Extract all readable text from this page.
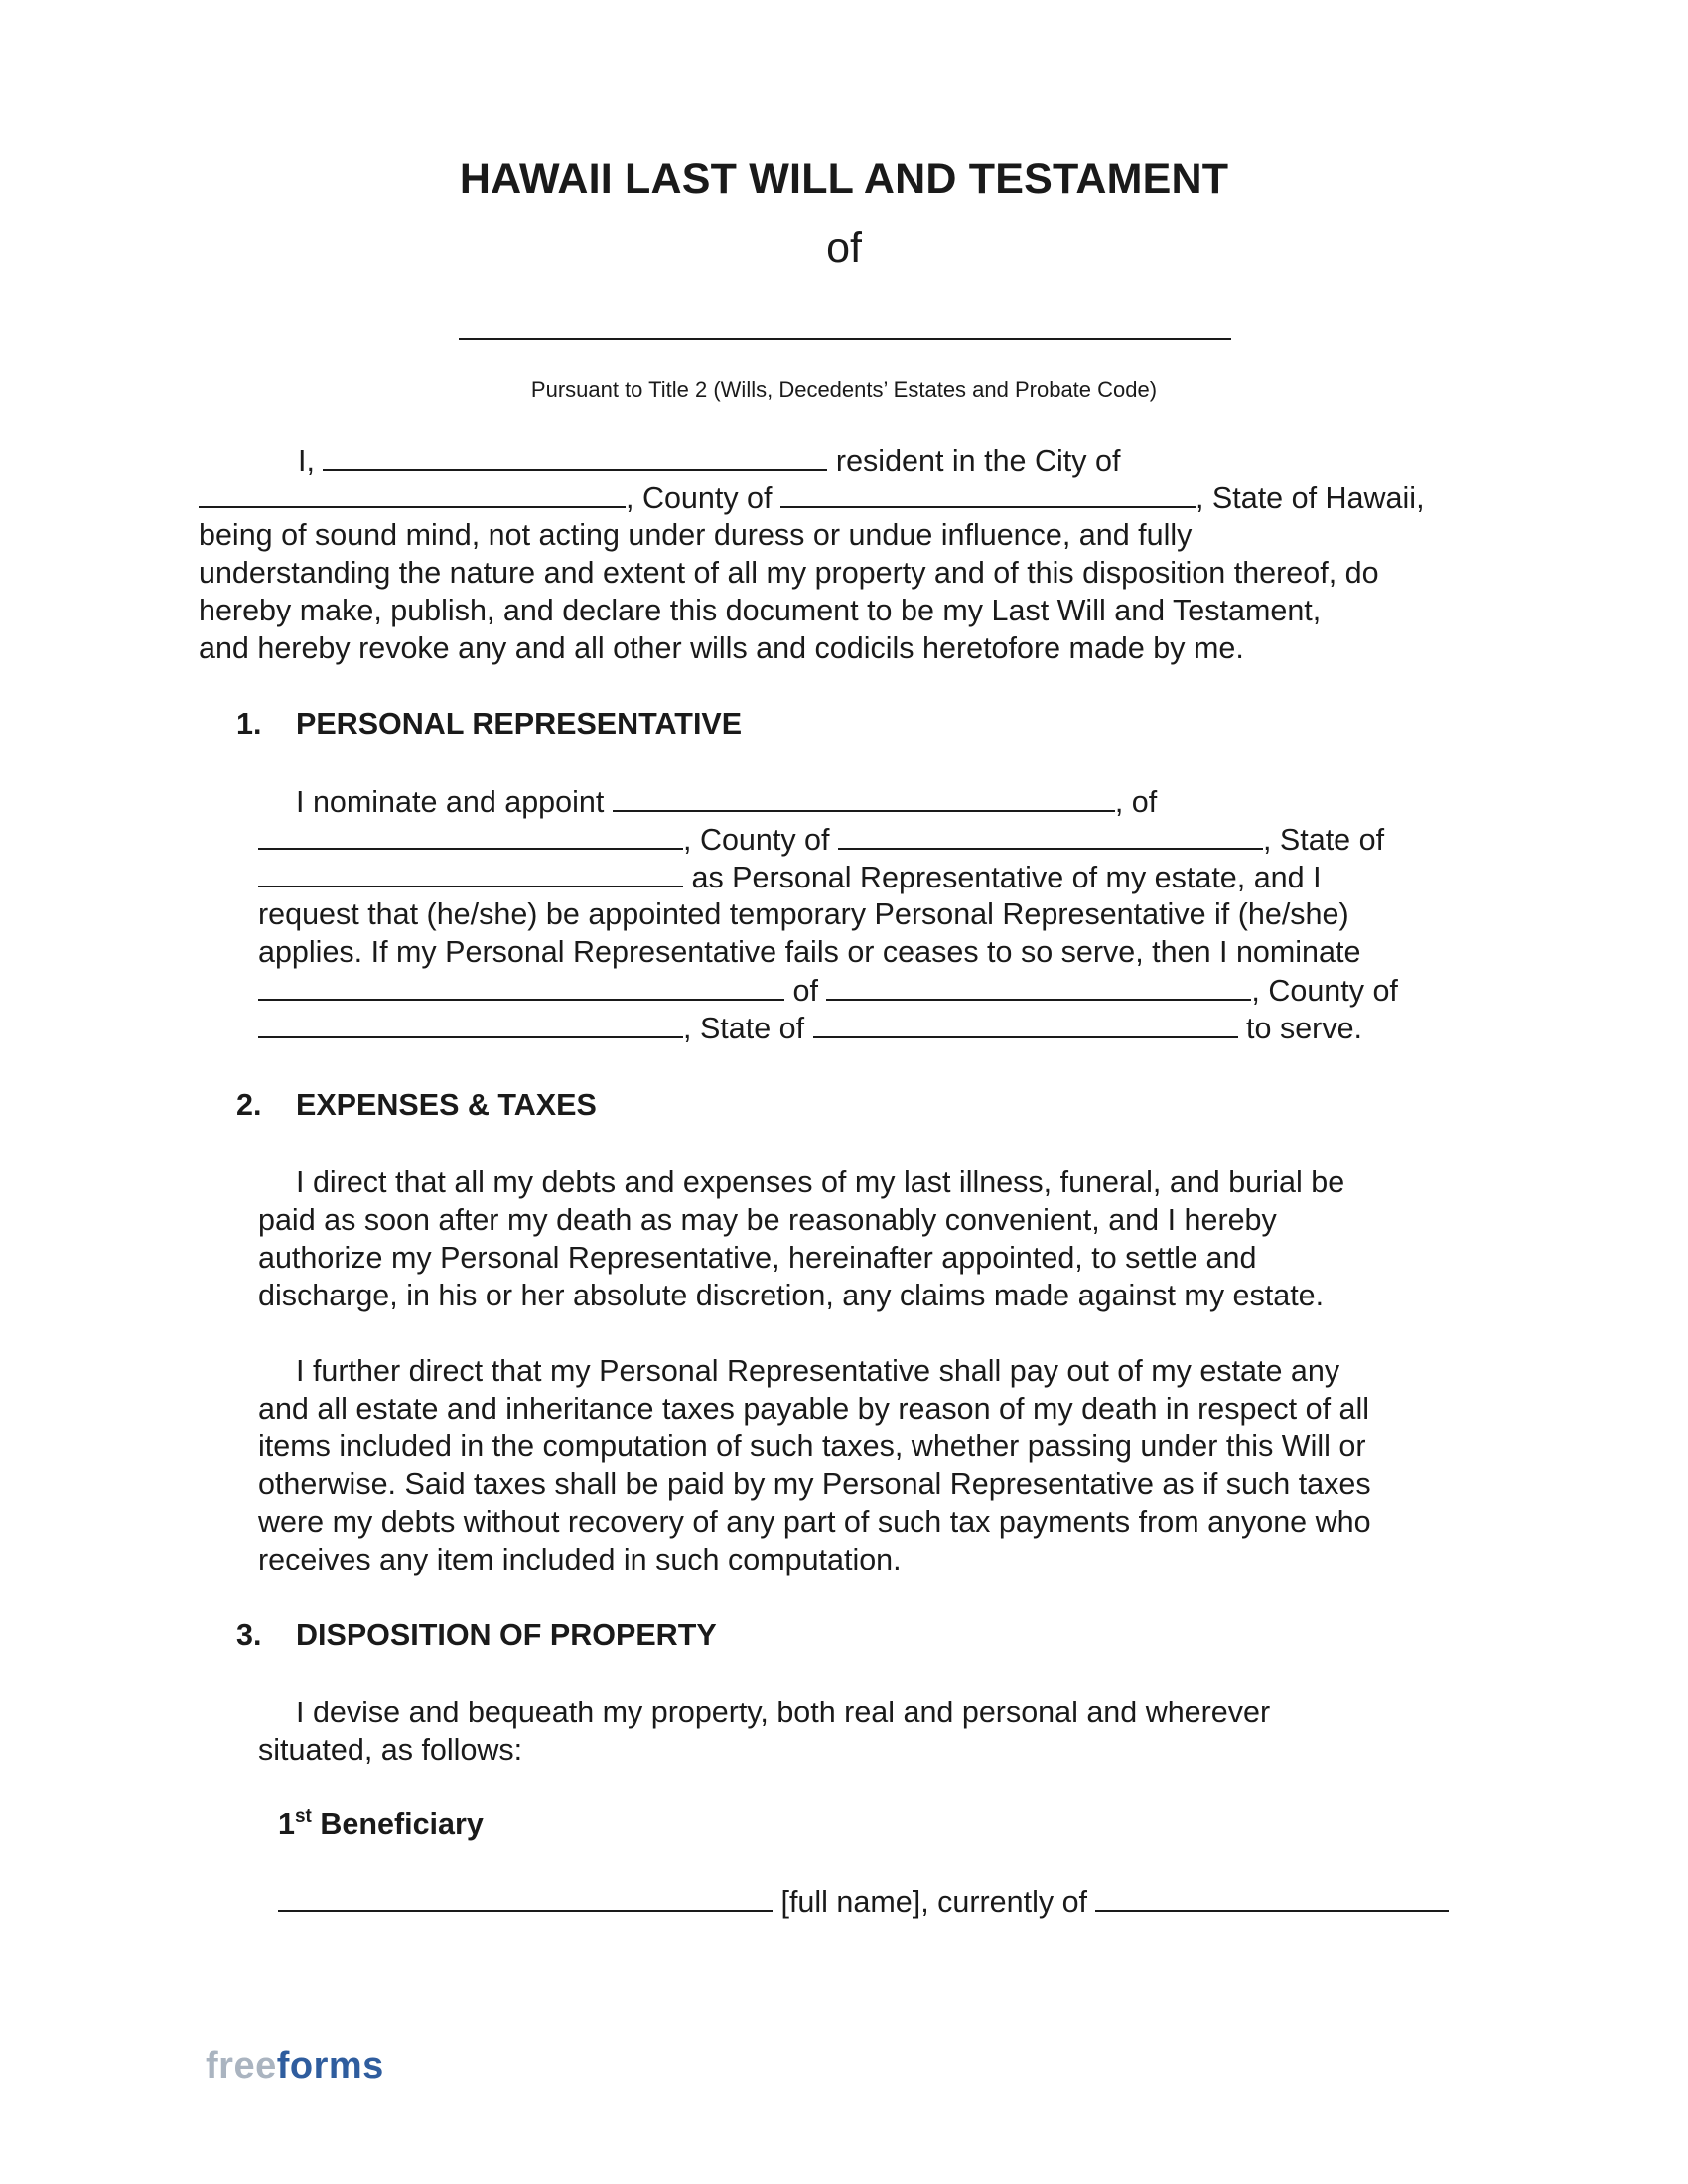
HAWAII LAST WILL AND TESTAMENT
of
Pursuant to Title 2 (Wills, Decedents’ Estates and Probate Code)
I,	resident in the City of
, County of	, State of Hawaii,
being of sound mind, not acting under duress or undue influence, and fully
understanding the nature and extent of all my property and of this disposition thereof, do
hereby make, publish, and declare this document to be my Last Will and Testament,
and hereby revoke any and all other wills and codicils heretofore made by me.
1. PERSONAL REPRESENTATIVE
I nominate and appoint	, of
, County of	, State of
as Personal Representative of my estate, and I
request that (he/she) be appointed temporary Personal Representative if (he/she)
applies. If my Personal Representative fails or ceases to so serve, then I nominate
of	, County of
, State of	to serve.
2. EXPENSES & TAXES
I direct that all my debts and expenses of my last illness, funeral, and burial be
paid as soon after my death as may be reasonably convenient, and I hereby
authorize my Personal Representative, hereinafter appointed, to settle and
discharge, in his or her absolute discretion, any claims made against my estate.
I further direct that my Personal Representative shall pay out of my estate any
and all estate and inheritance taxes payable by reason of my death in respect of all
items included in the computation of such taxes, whether passing under this Will or
otherwise. Said taxes shall be paid by my Personal Representative as if such taxes
were my debts without recovery of any part of such tax payments from anyone who
receives any item included in such computation.
3. DISPOSITION OF PROPERTY
I devise and bequeath my property, both real and personal and wherever
situated, as follows:
1st Beneficiary
[full name], currently of
freeforms
